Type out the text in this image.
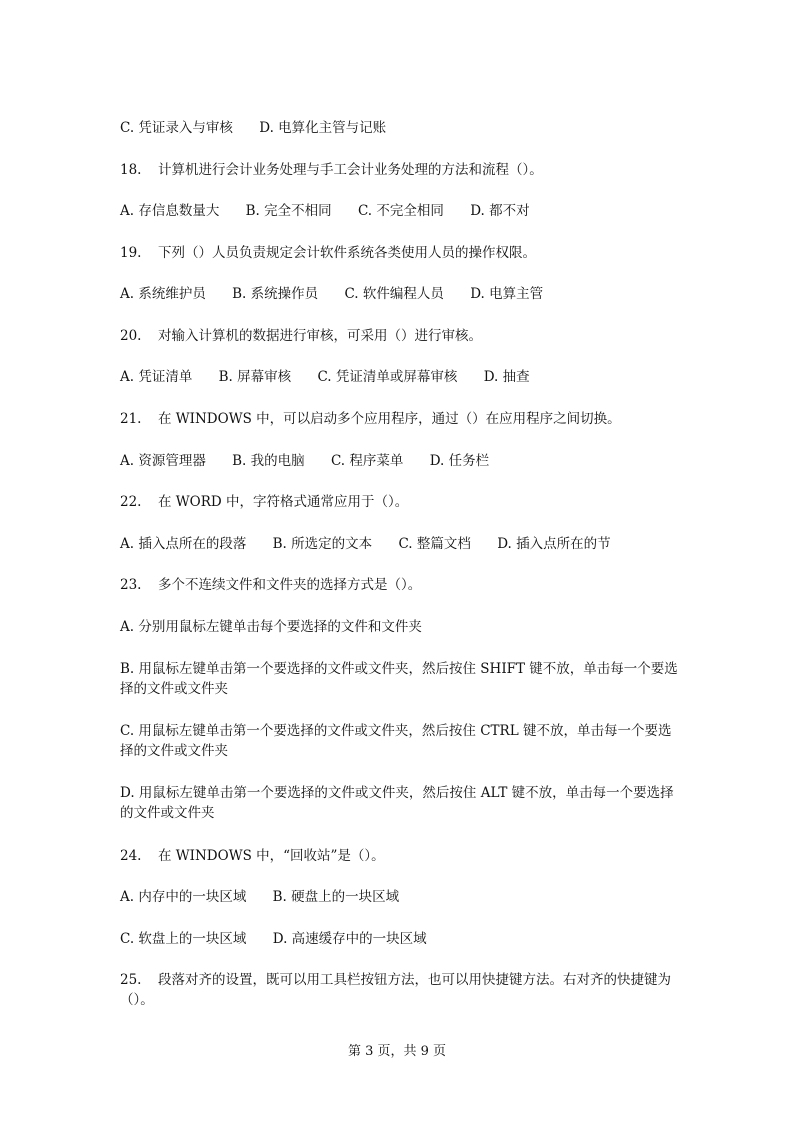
C. 凭证录入与审核 D. 电算化主管与记账
18. 计算机进行会计业务处理与手工会计业务处理的方法和流程（）。
A. 存信息数量大 B. 完全不相同 C. 不完全相同 D. 都不对
19. 下列（）人员负责规定会计软件系统各类使用人员的操作权限。
A. 系统维护员 B. 系统操作员 C. 软件编程人员 D. 电算主管
20. 对输入计算机的数据进行审核，可采用（）进行审核。
A. 凭证清单 B. 屏幕审核 C. 凭证清单或屏幕审核 D. 抽查
21. 在 WINDOWS 中，可以启动多个应用程序，通过（）在应用程序之间切换。
A. 资源管理器 B. 我的电脑 C. 程序菜单 D. 任务栏
22. 在 WORD 中，字符格式通常应用于（）。
A. 插入点所在的段落 B. 所选定的文本 C. 整篇文档 D. 插入点所在的节
23. 多个不连续文件和文件夹的选择方式是（）。
A. 分别用鼠标左键单击每个要选择的文件和文件夹
B. 用鼠标左键单击第一个要选择的文件或文件夹，然后按住 SHIFT 键不放，单击每一个要选择的文件或文件夹
C. 用鼠标左键单击第一个要选择的文件或文件夹，然后按住 CTRL 键不放，单击每一个要选择的文件或文件夹
D. 用鼠标左键单击第一个要选择的文件或文件夹，然后按住 ALT 键不放，单击每一个要选择的文件或文件夹
24. 在 WINDOWS 中，“回收站”是（）。
A. 内存中的一块区域 B. 硬盘上的一块区域
C. 软盘上的一块区域 D. 高速缓存中的一块区域
25. 段落对齐的设置，既可以用工具栏按钮方法，也可以用快捷键方法。右对齐的快捷键为（）。
第 3 页，共 9 页
